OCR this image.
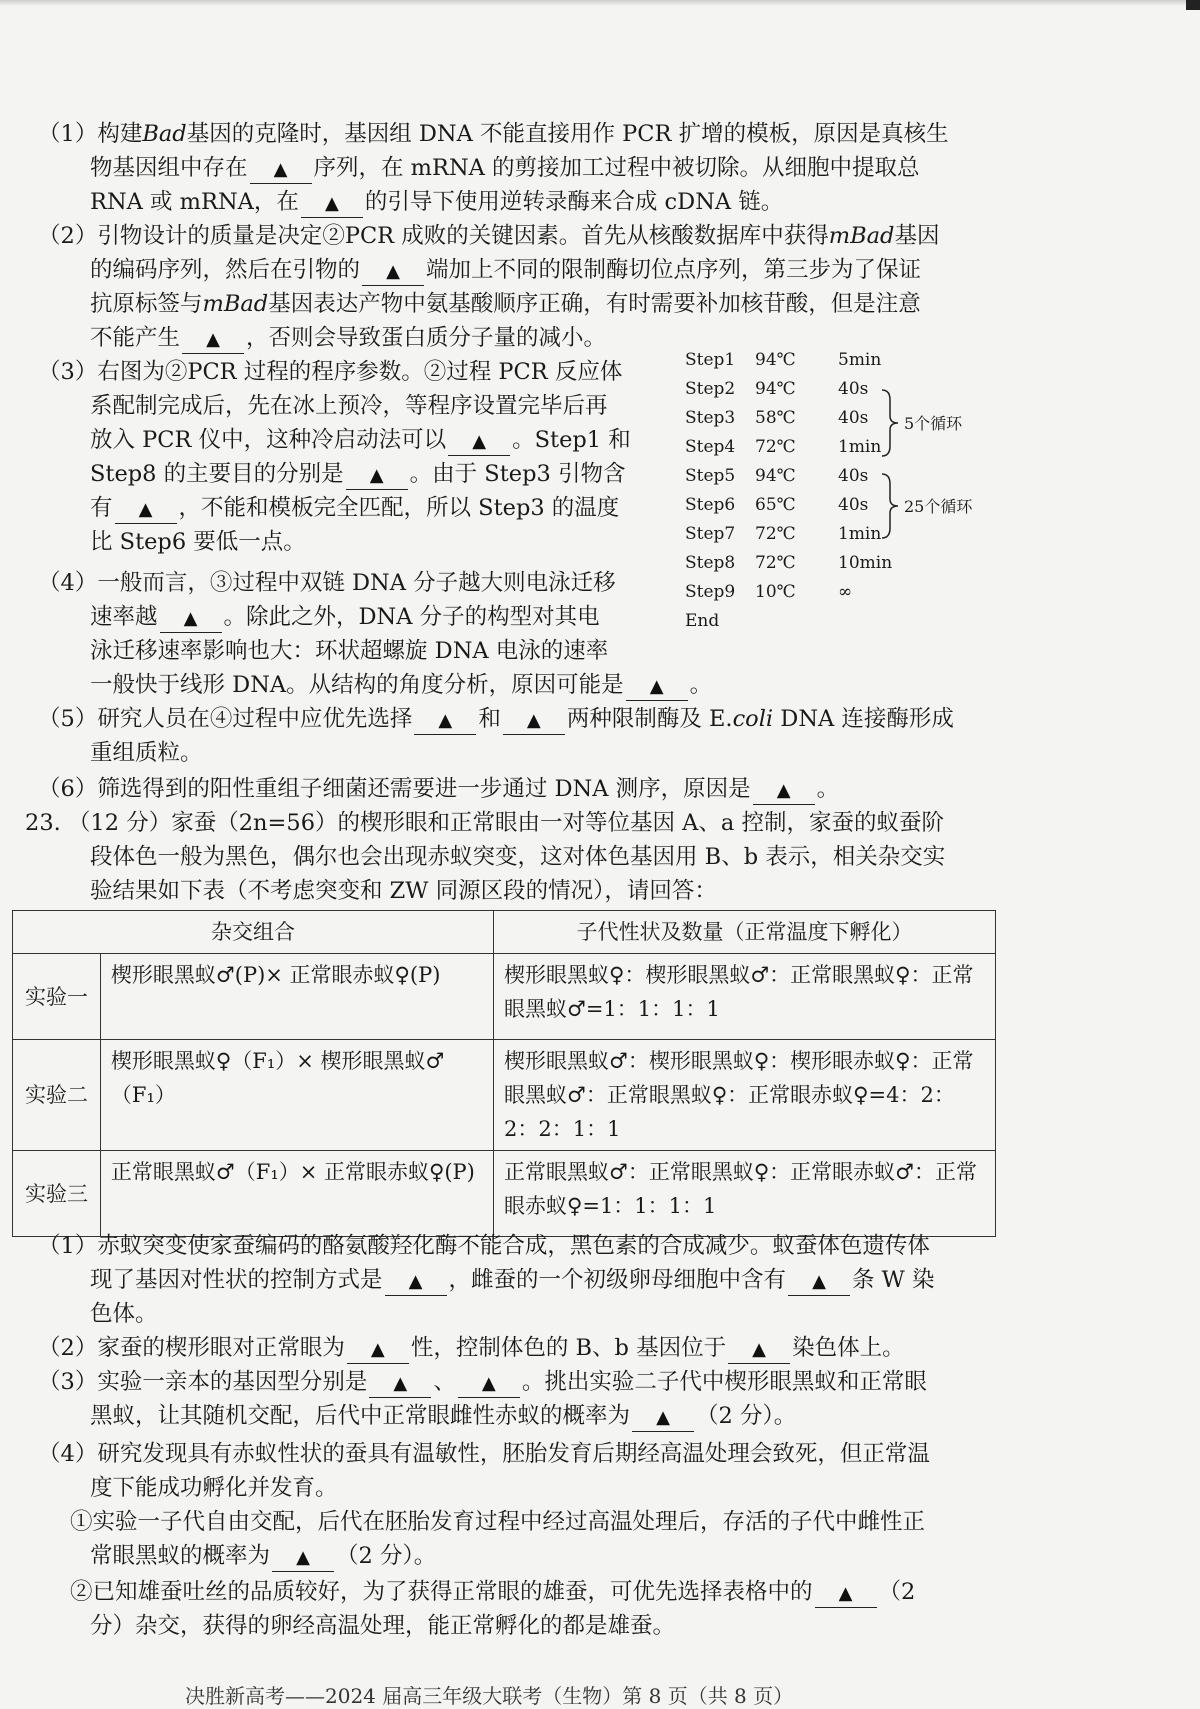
（1）构建Bad基因的克隆时，基因组 DNA 不能直接用作 PCR 扩增的模板，原因是真核生
物基因组中存在 ▲ 序列，在 mRNA 的剪接加工过程中被切除。从细胞中提取总
RNA 或 mRNA，在 ▲ 的引导下使用逆转录酶来合成 cDNA 链。
（2）引物设计的质量是决定②PCR 成败的关键因素。首先从核酸数据库中获得mBad基因
的编码序列，然后在引物的 ▲ 端加上不同的限制酶切位点序列，第三步为了保证
抗原标签与mBad基因表达产物中氨基酸顺序正确，有时需要补加核苷酸，但是注意
不能产生 ▲ ，否则会导致蛋白质分子量的减小。
（3）右图为②PCR 过程的程序参数。②过程 PCR 反应体
系配制完成后，先在冰上预冷，等程序设置完毕后再
放入 PCR 仪中，这种冷启动法可以 ▲ 。Step1 和
Step8 的主要目的分别是 ▲ 。由于 Step3 引物含
有 ▲ ，不能和模板完全匹配，所以 Step3 的温度
比 Step6 要低一点。
Step1 94℃ 5min
Step2 94℃ 40s
Step3 58℃ 40s
Step4 72℃ 1min
Step5 94℃ 40s
Step6 65℃ 40s
Step7 72℃ 1min
Step8 72℃ 10min
Step9 10℃ ∞
End
5个循环
25个循环
（4）一般而言，③过程中双链 DNA 分子越大则电泳迁移
速率越 ▲ 。除此之外，DNA 分子的构型对其电
泳迁移速率影响也大：环状超螺旋 DNA 电泳的速率
一般快于线形 DNA。从结构的角度分析，原因可能是 ▲ 。
（5）研究人员在④过程中应优先选择 ▲ 和 ▲ 两种限制酶及 E.coli DNA 连接酶形成
重组质粒。
（6）筛选得到的阳性重组子细菌还需要进一步通过 DNA 测序，原因是 ▲ 。
23. （12 分）家蚕（2n=56）的楔形眼和正常眼由一对等位基因 A、a 控制，家蚕的蚁蚕阶
段体色一般为黑色，偶尔也会出现赤蚁突变，这对体色基因用 B、b 表示，相关杂交实
验结果如下表（不考虑突变和 ZW 同源区段的情况），请回答：
杂交组合		子代性状及数量（正常温度下孵化）
实验一	楔形眼黑蚁♂(P)× 正常眼赤蚁♀(P)	楔形眼黑蚁♀：楔形眼黑蚁♂：正常眼黑蚁♀：正常眼黑蚁♂=1：1：1：1
实验二	楔形眼黑蚁♀（F₁）× 楔形眼黑蚁♂（F₁）	楔形眼黑蚁♂：楔形眼黑蚁♀：楔形眼赤蚁♀：正常眼黑蚁♂：正常眼黑蚁♀：正常眼赤蚁♀=4：2：2：2：1：1
实验三	正常眼黑蚁♂（F₁）× 正常眼赤蚁♀(P)	正常眼黑蚁♂：正常眼黑蚁♀：正常眼赤蚁♂：正常眼赤蚁♀=1：1：1：1
（1）赤蚁突变使家蚕编码的酪氨酸羟化酶不能合成，黑色素的合成减少。蚁蚕体色遗传体
现了基因对性状的控制方式是 ▲ ，雌蚕的一个初级卵母细胞中含有 ▲ 条 W 染
色体。
（2）家蚕的楔形眼对正常眼为 ▲ 性，控制体色的 B、b 基因位于 ▲ 染色体上。
（3）实验一亲本的基因型分别是 ▲ 、 ▲ 。挑出实验二子代中楔形眼黑蚁和正常眼
黑蚁，让其随机交配，后代中正常眼雌性赤蚁的概率为 ▲ （2 分）。
（4）研究发现具有赤蚁性状的蚕具有温敏性，胚胎发育后期经高温处理会致死，但正常温
度下能成功孵化并发育。
①实验一子代自由交配，后代在胚胎发育过程中经过高温处理后，存活的子代中雌性正
常眼黑蚁的概率为 ▲ （2 分）。
②已知雄蚕吐丝的品质较好，为了获得正常眼的雄蚕，可优先选择表格中的 ▲ （2
分）杂交，获得的卵经高温处理，能正常孵化的都是雄蚕。
决胜新高考——2024 届高三年级大联考（生物）第 8 页（共 8 页）
